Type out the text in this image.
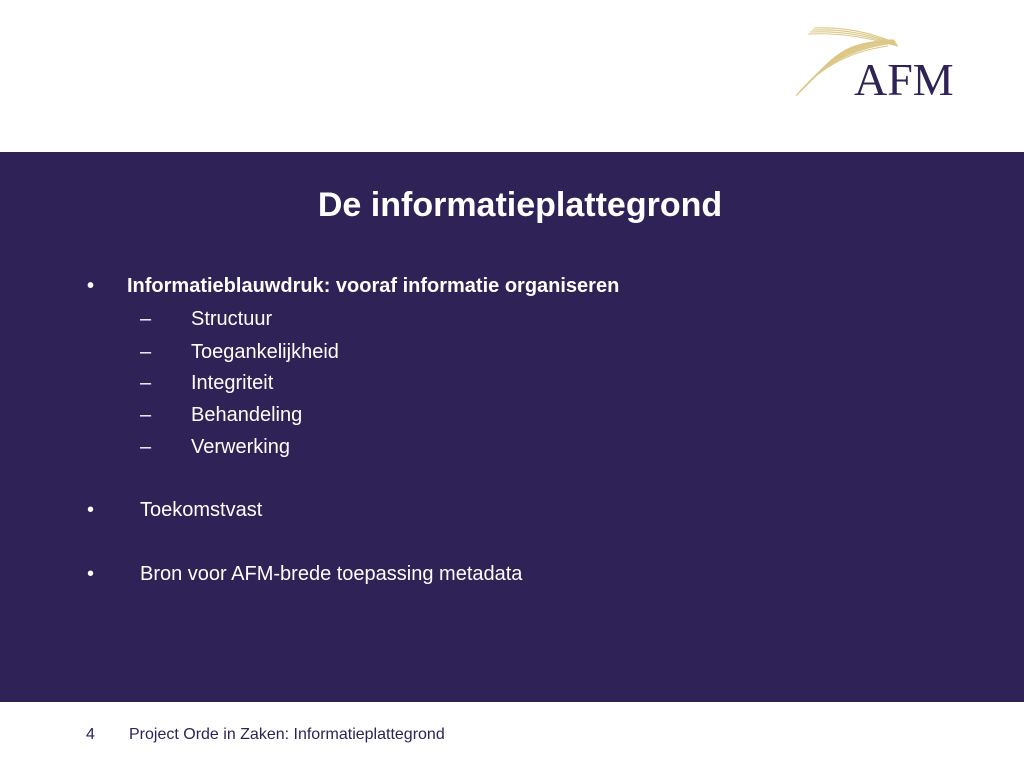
AFM
De informatieplattegrond
• Informatieblauwdruk: vooraf informatie organiseren
– Structuur
– Toegankelijkheid
– Integriteit
– Behandeling
– Verwerking
• Toekomstvast
• Bron voor AFM-brede toepassing metadata
4 Project Orde in Zaken: Informatieplattegrond
